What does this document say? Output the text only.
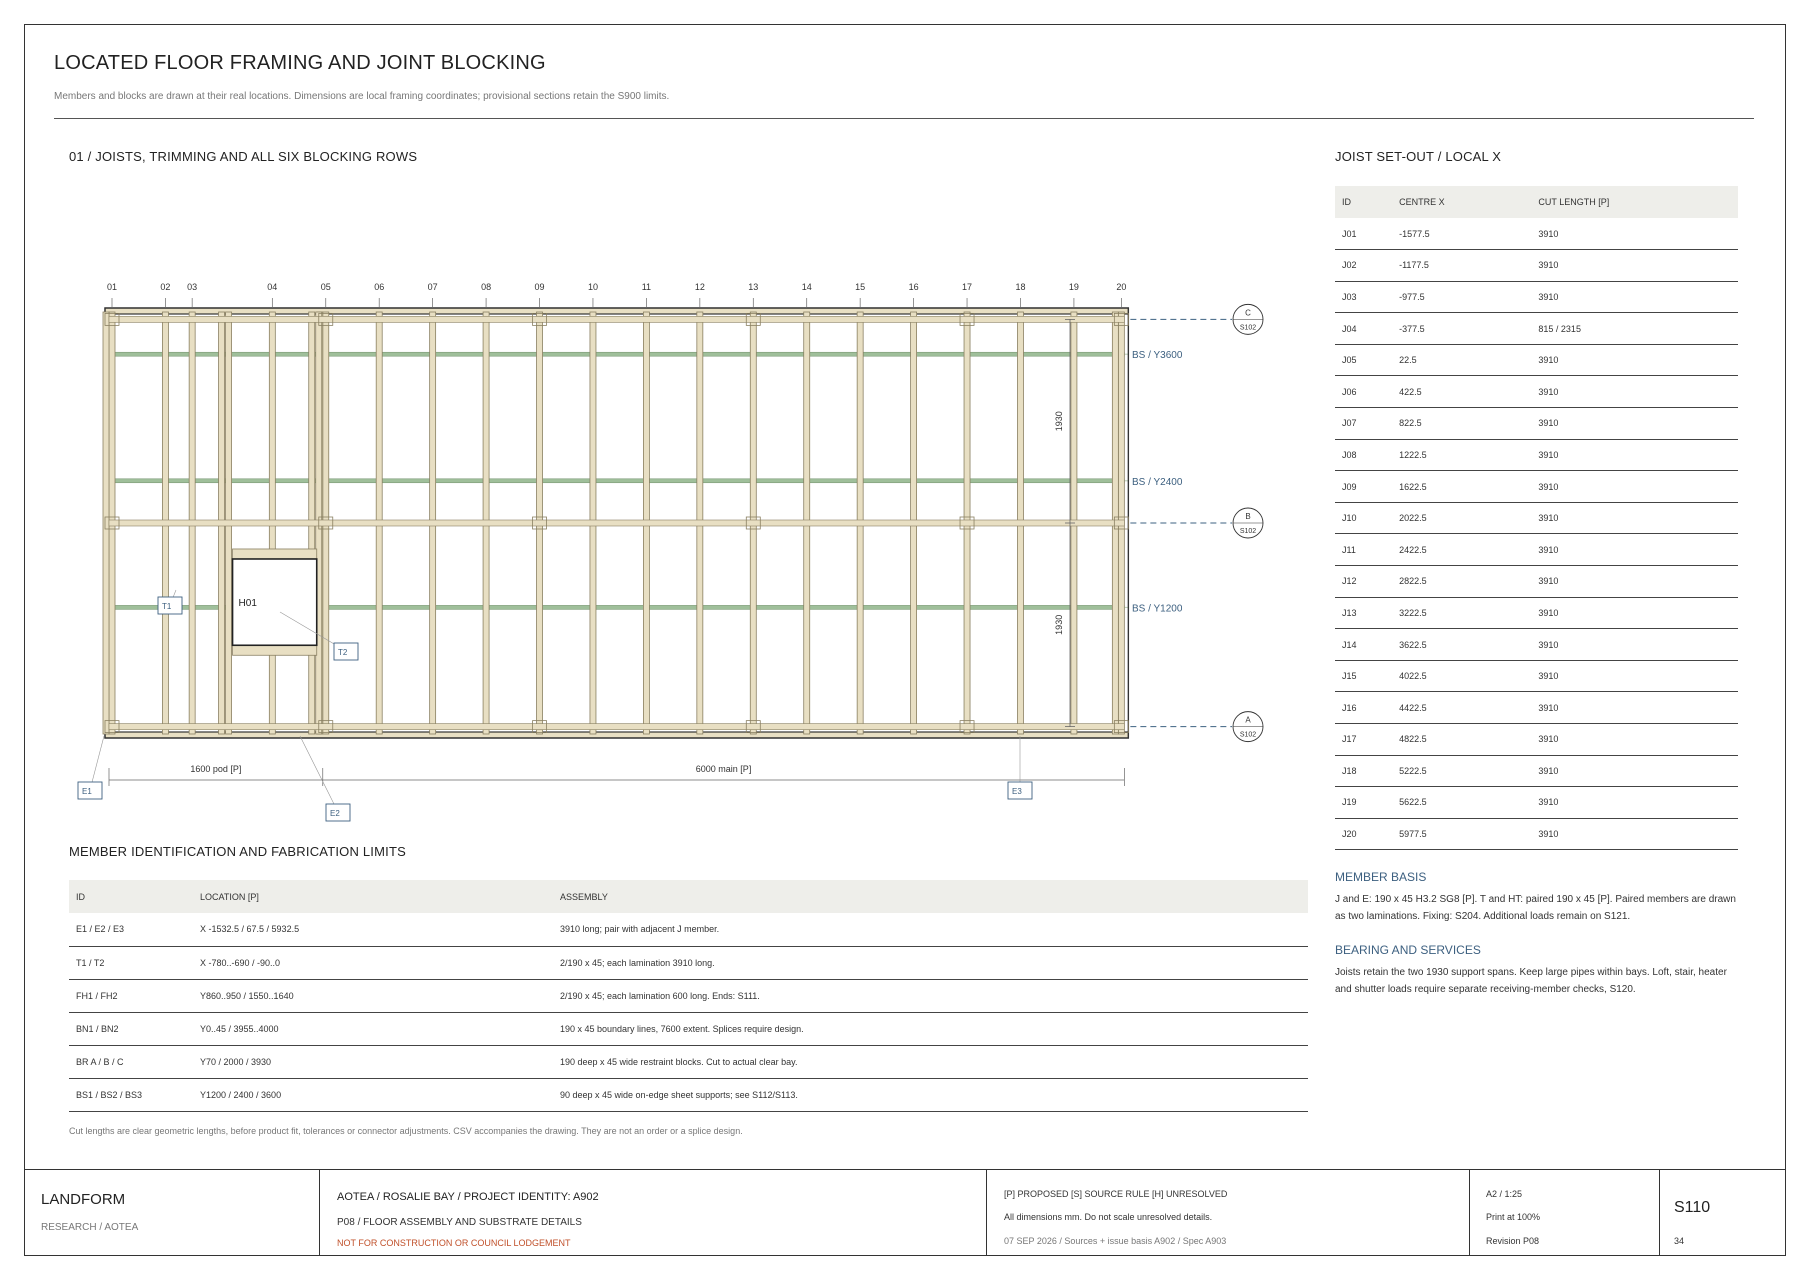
LOCATED FLOOR FRAMING AND JOINT BLOCKING
Members and blocks are drawn at their real locations. Dimensions are local framing coordinates; provisional sections retain the S900 limits.
01 / JOISTS, TRIMMING AND ALL SIX BLOCKING ROWS
BS / Y3600
BS / Y2400
BS / Y1200
01	02 03	04	05	06	07	08	09	10	11	12	13	14	15	16	17	18	19	20
H01
1930
1930
1600 pod [P]	6000 main [P]
C
S102
B
S102
A
S102
T1
T2
E1
E2
E3
JOIST SET-OUT / LOCAL X
ID	CENTRE X	CUT LENGTH [P]
J01	-1577.5	3910
J02	-1177.5	3910
J03	-977.5	3910
J04	-377.5	815 / 2315
J05	22.5	3910
J06	422.5	3910
J07	822.5	3910
J08	1222.5	3910
J09	1622.5	3910
J10	2022.5	3910
J11	2422.5	3910
J12	2822.5	3910
J13	3222.5	3910
J14	3622.5	3910
J15	4022.5	3910
J16	4422.5	3910
J17	4822.5	3910
J18	5222.5	3910
J19	5622.5	3910
J20	5977.5	3910
MEMBER BASIS
J and E: 190 x 45 H3.2 SG8 [P]. T and HT: paired 190 x 45 [P]. Paired members are drawn as two laminations. Fixing: S204. Additional loads remain on S121.
BEARING AND SERVICES
Joists retain the two 1930 support spans. Keep large pipes within bays. Loft, stair, heater and shutter loads require separate receiving-member checks, S120.
MEMBER IDENTIFICATION AND FABRICATION LIMITS
ID	LOCATION [P]	ASSEMBLY
E1 / E2 / E3	X -1532.5 / 67.5 / 5932.5	3910 long; pair with adjacent J member.
T1 / T2	X -780..-690 / -90..0	2/190 x 45; each lamination 3910 long.
FH1 / FH2	Y860..950 / 1550..1640	2/190 x 45; each lamination 600 long. Ends: S111.
BN1 / BN2	Y0..45 / 3955..4000	190 x 45 boundary lines, 7600 extent. Splices require design.
BR A / B / C	Y70 / 2000 / 3930	190 deep x 45 wide restraint blocks. Cut to actual clear bay.
BS1 / BS2 / BS3	Y1200 / 2400 / 3600	90 deep x 45 wide on-edge sheet supports; see S112/S113.
Cut lengths are clear geometric lengths, before product fit, tolerances or connector adjustments. CSV accompanies the drawing. They are not an order or a splice design.
LANDFORM
RESEARCH / AOTEA
AOTEA / ROSALIE BAY / PROJECT IDENTITY: A902
P08 / FLOOR ASSEMBLY AND SUBSTRATE DETAILS
NOT FOR CONSTRUCTION OR COUNCIL LODGEMENT
[P] PROPOSED [S] SOURCE RULE [H] UNRESOLVED
All dimensions mm. Do not scale unresolved details.
07 SEP 2026 / Sources + issue basis A902 / Spec A903
A2 / 1:25
Print at 100%
Revision P08
S110
34
